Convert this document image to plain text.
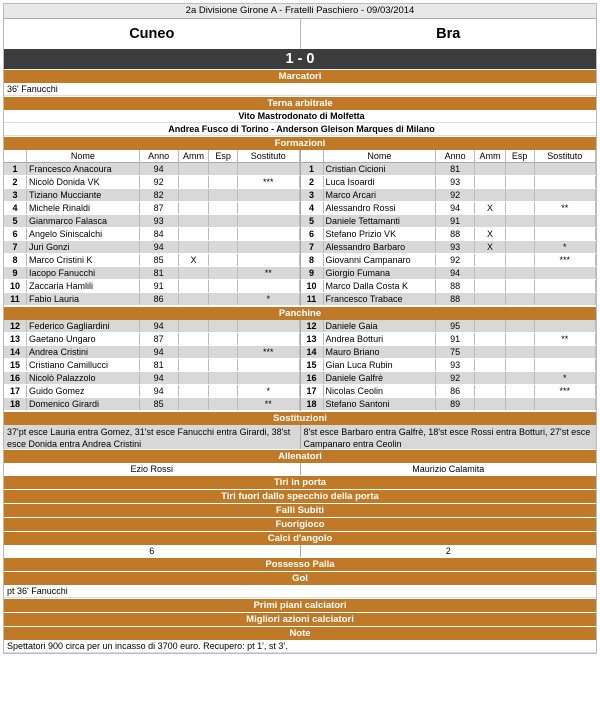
2a Divisione Girone A - Fratelli Paschiero - 09/03/2014
Cuneo	Bra
1 - 0
Marcatori
36' Fanucchi
Terna arbitrale
Vito Mastrodonato di Molfetta
Andrea Fusco di Torino - Anderson Gleison Marques di Milano
Formazioni
	Nome	Anno	Amm	Esp	Sostituto
1	Francesco Anacoura	94			
2	Nicolò Donida VK	92			***
3	Tiziano Mucciante	82			
4	Michele Rinaldi	87			
5	Gianmarco Falasca	93			
6	Angelo Siniscalchi	84			
7	Juri Gonzi	94			
8	Marco Cristini K	85	X		
9	Iacopo Fanucchi	81			**
10	Zaccaria Hamlili	91			
11	Fabio Lauria	86			*
	Nome	Anno	Amm	Esp	Sostituto
1	Cristian Cicioni	81			
2	Luca Isoardi	93			
3	Marco Arcari	92			
4	Alessandro Rossi	94	X		**
5	Daniele Tettamanti	91			
6	Stefano Prizio VK	88	X		
7	Alessandro Barbaro	93	X		*
8	Giovanni Campanaro	92			***
9	Giorgio Fumana	94			
10	Marco Dalla Costa K	88			
11	Francesco Trabace	88			
Panchine
12	Federico Gagliardini	94			
13	Gaetano Ungaro	87			
14	Andrea Cristini	94			***
15	Cristiano Camillucci	81			
16	Nicolò Palazzolo	94			
17	Guido Gomez	94			*
18	Domenico Girardi	85			**
12	Daniele Gaia	95			
13	Andrea Botturi	91			**
14	Mauro Briano	75			
15	Gian Luca Rubin	93			
16	Daniele Galfrè	92			*
17	Nicolas Ceolin	86			***
18	Stefano Santoni	89			
Sostituzioni
37'pt esce Lauria entra Gomez, 31'st esce Fanucchi entra Girardi, 38'st esce Donida entra Andrea Cristini
8'st esce Barbaro entra Galfrè, 18'st esce Rossi entra Botturi, 27'st esce Campanaro entra Ceolin
Allenatori
Ezio Rossi	Maurizio Calamita
Tiri in porta
Tiri fuori dallo specchio della porta
Falli Subiti
Fuorigioco
Calci d'angolo
6	2
Possesso Palla
Gol
pt 36' Fanucchi
Primi piani calciatori
Migliori azioni calciatori
Note
Spettatori 900 circa per un incasso di 3700 euro. Recupero: pt 1', st 3'.
